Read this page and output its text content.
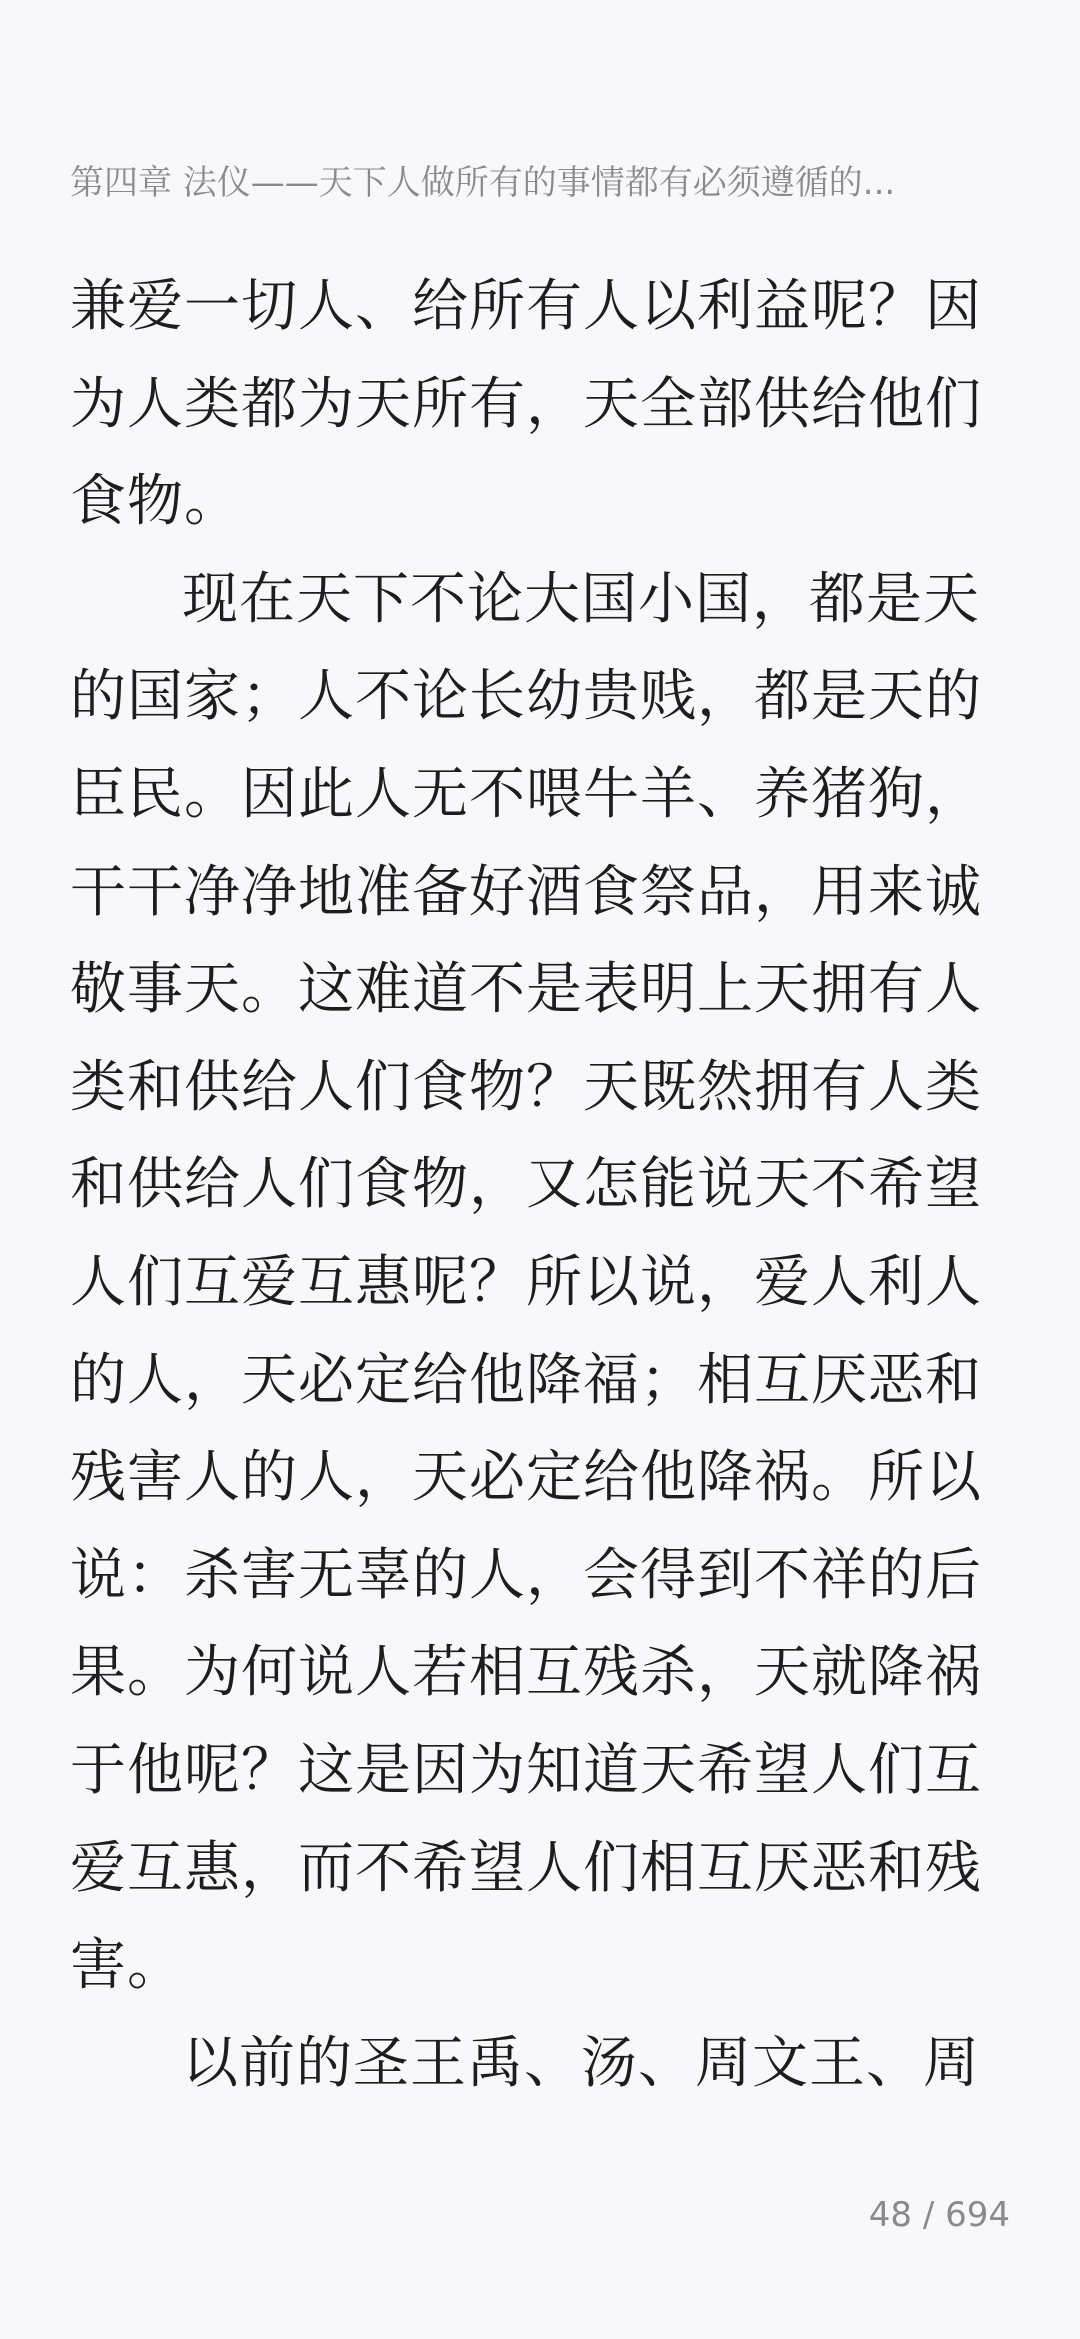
第四章 法仪——天下人做所有的事情都有必须遵循的...
兼爱一切人、给所有人以利益呢？因
为人类都为天所有，天全部供给他们
食物。
现在天下不论大国小国，都是天
的国家；人不论长幼贵贱，都是天的
臣民。因此人无不喂牛羊、养猪狗，
干干净净地准备好酒食祭品，用来诚
敬事天。这难道不是表明上天拥有人
类和供给人们食物？天既然拥有人类
和供给人们食物，又怎能说天不希望
人们互爱互惠呢？所以说，爱人利人
的人，天必定给他降福；相互厌恶和
残害人的人，天必定给他降祸。所以
说：杀害无辜的人，会得到不祥的后
果。为何说人若相互残杀，天就降祸
于他呢？这是因为知道天希望人们互
爱互惠，而不希望人们相互厌恶和残
害。
以前的圣王禹、汤、周文王、周
48 / 694
